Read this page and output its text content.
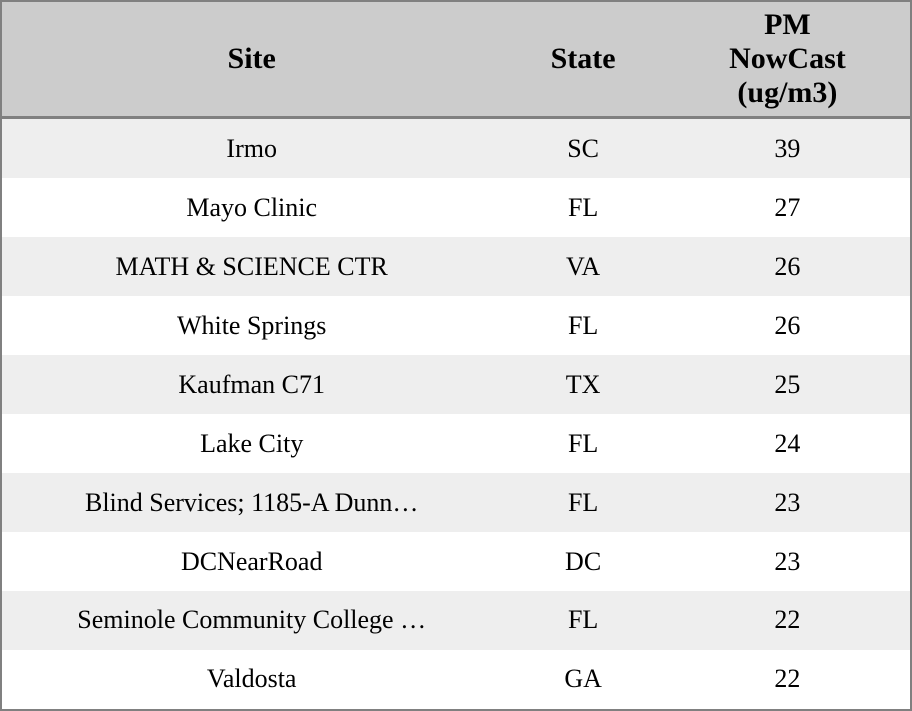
Site	State	PM
NowCast
(ug/m3)

Irmo	SC	39
Mayo Clinic	FL	27
MATH & SCIENCE CTR	VA	26
White Springs	FL	26
Kaufman C71	TX	25
Lake City	FL	24
Blind Services; 1185-A Dunn…	FL	23
DCNearRoad	DC	23
Seminole Community College …	FL	22
Valdosta	GA	22
